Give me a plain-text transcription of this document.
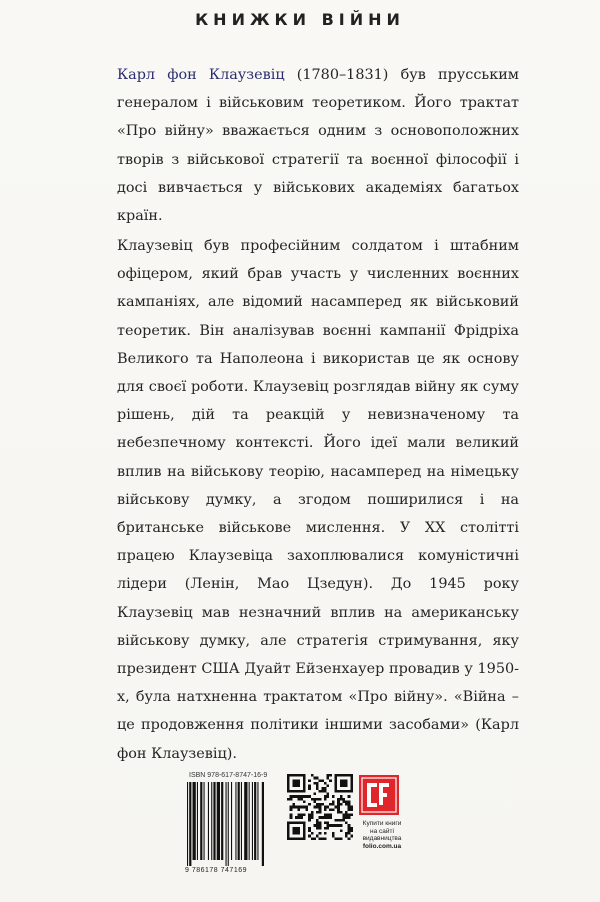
КНИЖКИ ВІЙНИ

Карл фон Клаузевіц (1780–1831) був прусським генералом і військовим теоретиком. Його трактат «Про війну» вважається одним з основоположних творів з військової стратегії та воєнної філософії і досі вивчається у військових академіях багатьох країн.

Клаузевіц був професійним солдатом і штабним офіцером, який брав участь у численних воєнних кампаніях, але відомий насамперед як військовий теоретик. Він аналізував воєнні кампанії Фрідріха Великого та Наполеона і використав це як основу для своєї роботи. Клаузевіц розглядав війну як суму рішень, дій та реакцій у невизначеному та небезпечному контексті. Його ідеї мали великий вплив на військову теорію, насамперед на німецьку військову думку, а згодом поширилися і на британське військове мислення. У XX столітті працею Клаузевіца захоплювалися комуністичні лідери (Ленін, Мао Цзедун). До 1945 року Клаузевіц мав незначний вплив на американську військову думку, але стратегія стримування, яку президент США Дуайт Ейзенхауер провадив у 1950-х, була натхненна трактатом «Про війну». «Війна – це продовження політики іншими засобами» (Карл фон Клаузевіц).

ISBN 978-617-8747-16-9
9 786178 747169
Купити книги
на сайті
видавництва
folio.com.ua
